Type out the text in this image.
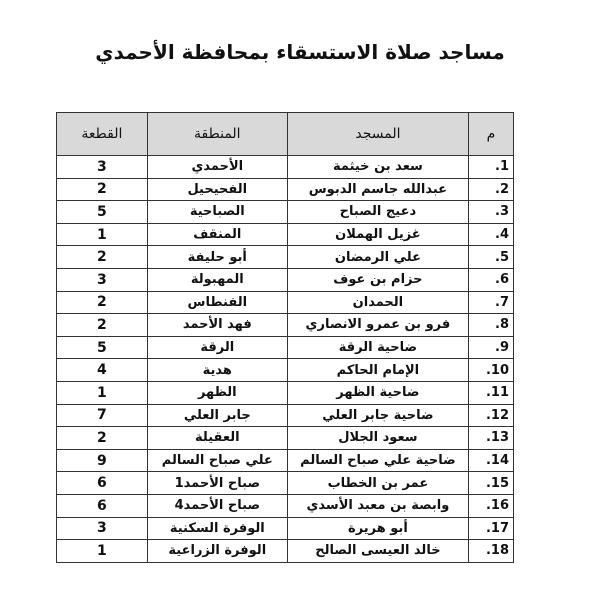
مساجد صلاة الاستسقاء بمحافظة الأحمدي
م	المسجد	المنطقة	القطعة
1.	سعد بن خيثمة	الأحمدي	3
2.	عبدالله جاسم الدبوس	الفحيحيل	2
3.	دعيج الصباح	الصباحية	5
4.	غزيل الهملان	المنقف	1
5.	علي الرمضان	أبو حليفة	2
6.	حزام بن عوف	المهبولة	3
7.	الحمدان	الفنطاس	2
8.	فرو بن عمرو الانصاري	فهد الأحمد	2
9.	ضاحية الرقة	الرقة	5
10.	الإمام الحاكم	هدية	4
11.	ضاحية الظهر	الظهر	1
12.	ضاحية جابر العلي	جابر العلي	7
13.	سعود الجلال	العقيلة	2
14.	ضاحية علي صباح السالم	علي صباح السالم	9
15.	عمر بن الخطاب	صباح الأحمد1	6
16.	وابصة بن معبد الأسدي	صباح الأحمد4	6
17.	أبو هريرة	الوفرة السكنية	3
18.	خالد العيسى الصالح	الوفرة الزراعية	1
